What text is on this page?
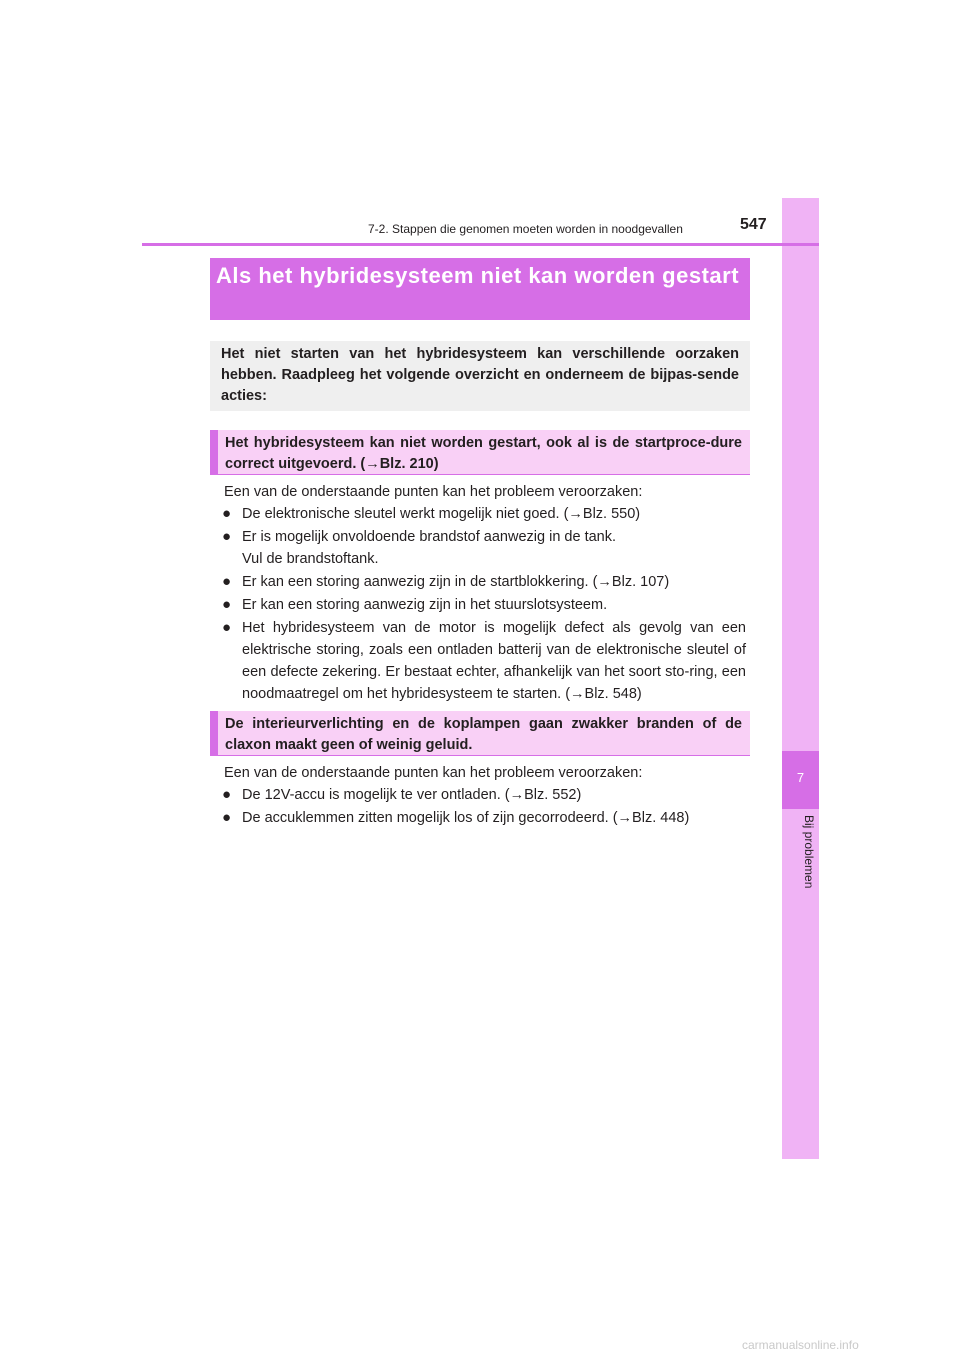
7
Bij problemen
7-2. Stappen die genomen moeten worden in noodgevallen	547
Als het hybridesysteem niet kan worden gestart
Het niet starten van het hybridesysteem kan verschillende oorzaken hebben. Raadpleeg het volgende overzicht en onderneem de bijpas-sende acties:
Het hybridesysteem kan niet worden gestart, ook al is de startproce-dure correct uitgevoerd. (→Blz. 210)
Een van de onderstaande punten kan het probleem veroorzaken:
● De elektronische sleutel werkt mogelijk niet goed. (→Blz. 550)
● Er is mogelijk onvoldoende brandstof aanwezig in de tank.
Vul de brandstoftank.
● Er kan een storing aanwezig zijn in de startblokkering. (→Blz. 107)
● Er kan een storing aanwezig zijn in het stuurslotsysteem.
● Het hybridesysteem van de motor is mogelijk defect als gevolg van een elektrische storing, zoals een ontladen batterij van de elektronische sleutel of een defecte zekering. Er bestaat echter, afhankelijk van het soort sto-ring, een noodmaatregel om het hybridesysteem te starten. (→Blz. 548)
De interieurverlichting en de koplampen gaan zwakker branden of de claxon maakt geen of weinig geluid.
Een van de onderstaande punten kan het probleem veroorzaken:
● De 12V-accu is mogelijk te ver ontladen. (→Blz. 552)
● De accuklemmen zitten mogelijk los of zijn gecorrodeerd. (→Blz. 448)
carmanualsonline.info
